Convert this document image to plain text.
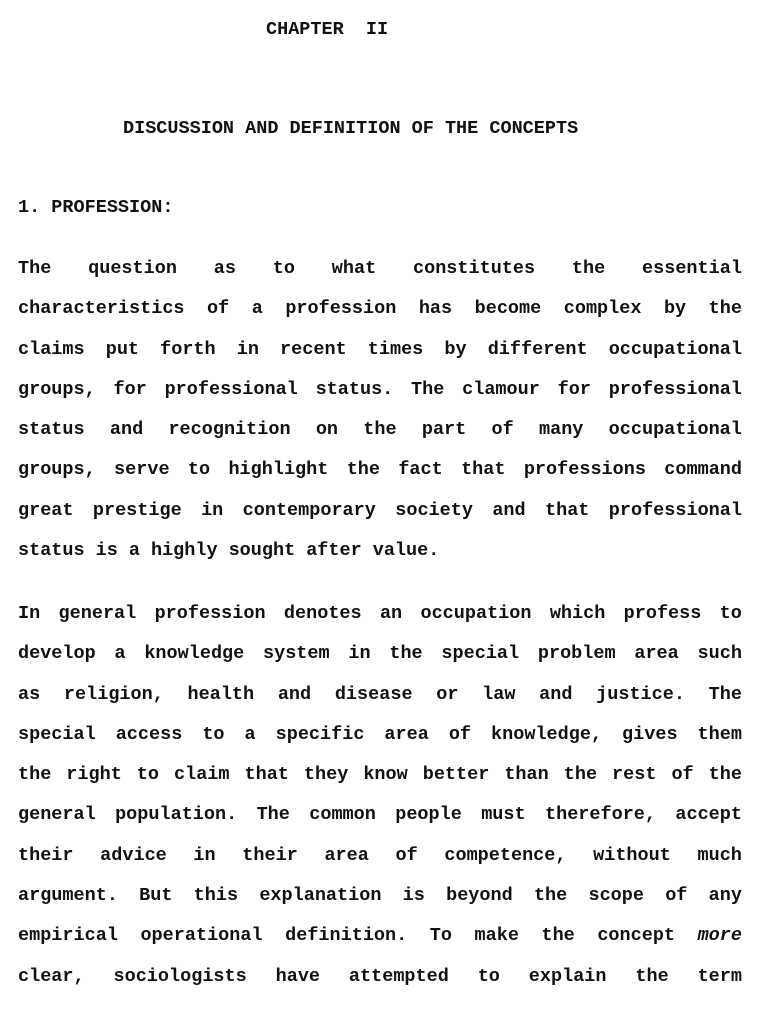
CHAPTER  II
DISCUSSION AND DEFINITION OF THE CONCEPTS
1. PROFESSION:
The question as to what constitutes the essential
characteristics of a profession has become complex by the
claims put forth in recent times by different occupational
groups, for professional status. The clamour for professional
status and recognition on the part of many occupational
groups, serve to highlight the fact that professions command
great prestige in contemporary society and that professional
status is a highly sought after value.
In general profession denotes an occupation which profess to
develop a knowledge system in the special problem area such
as religion, health and disease or law and justice. The
special access to a specific area of knowledge, gives them
the right to claim that they know better than the rest of the
general population. The common people must therefore, accept
their advice in their area of competence, without much
argument. But this explanation is beyond the scope of any
empirical operational definition. To make the concept more
clear, sociologists have attempted to explain the term
